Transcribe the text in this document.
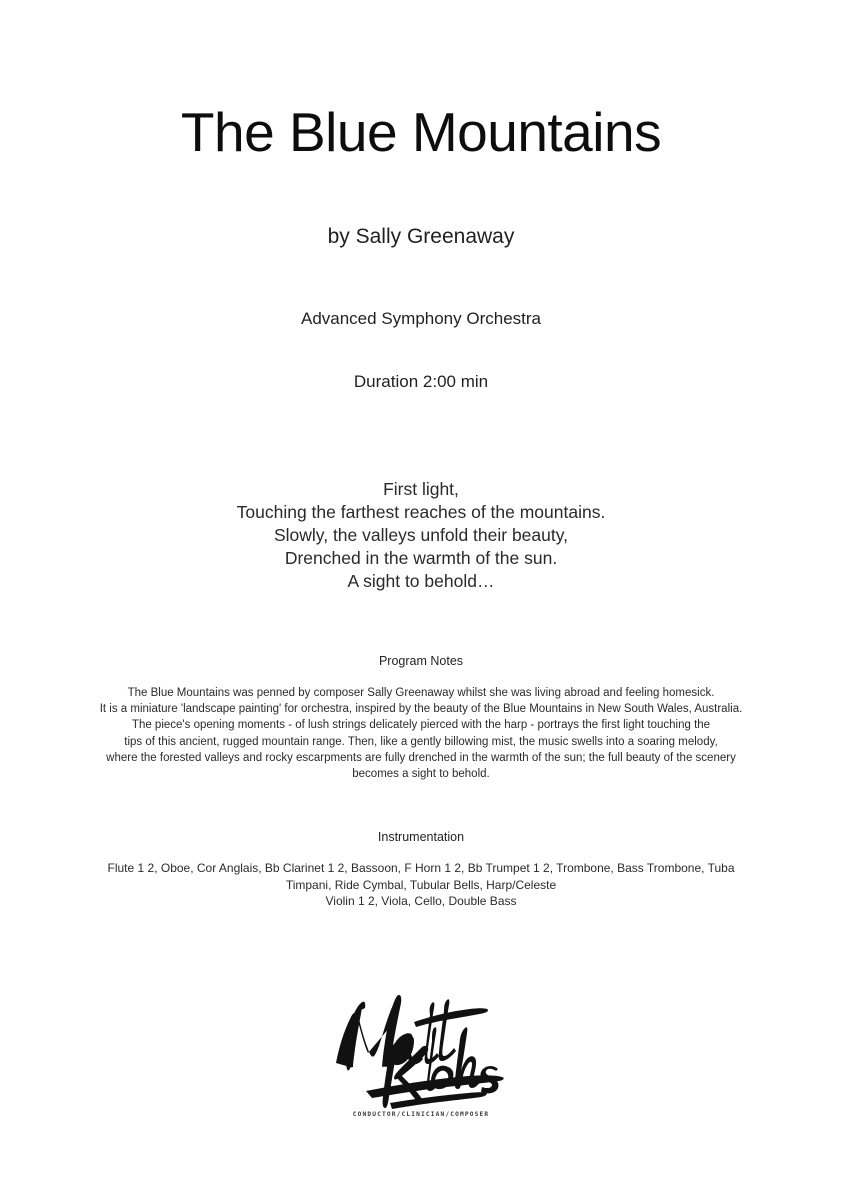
The Blue Mountains
by Sally Greenaway
Advanced Symphony Orchestra
Duration 2:00 min
First light,
Touching the farthest reaches of the mountains.
Slowly, the valleys unfold their beauty,
Drenched in the warmth of the sun.
A sight to behold…
Program Notes
The Blue Mountains was penned by composer Sally Greenaway whilst she was living abroad and feeling homesick.
It is a miniature 'landscape painting' for orchestra, inspired by the beauty of the Blue Mountains in New South Wales, Australia.
The piece's opening moments - of lush strings delicately pierced with the harp - portrays the first light touching the
tips of this ancient, rugged mountain range. Then, like a gently billowing mist, the music swells into a soaring melody,
where the forested valleys and rocky escarpments are fully drenched in the warmth of the sun; the full beauty of the scenery
becomes a sight to behold.
Instrumentation
Flute 1 2, Oboe, Cor Anglais, Bb Clarinet 1 2, Bassoon, F Horn 1 2, Bb Trumpet 1 2, Trombone, Bass Trombone, Tuba
Timpani, Ride Cymbal, Tubular Bells, Harp/Celeste
Violin 1 2, Viola, Cello, Double Bass
CONDUCTOR/CLINICIAN/COMPOSER
